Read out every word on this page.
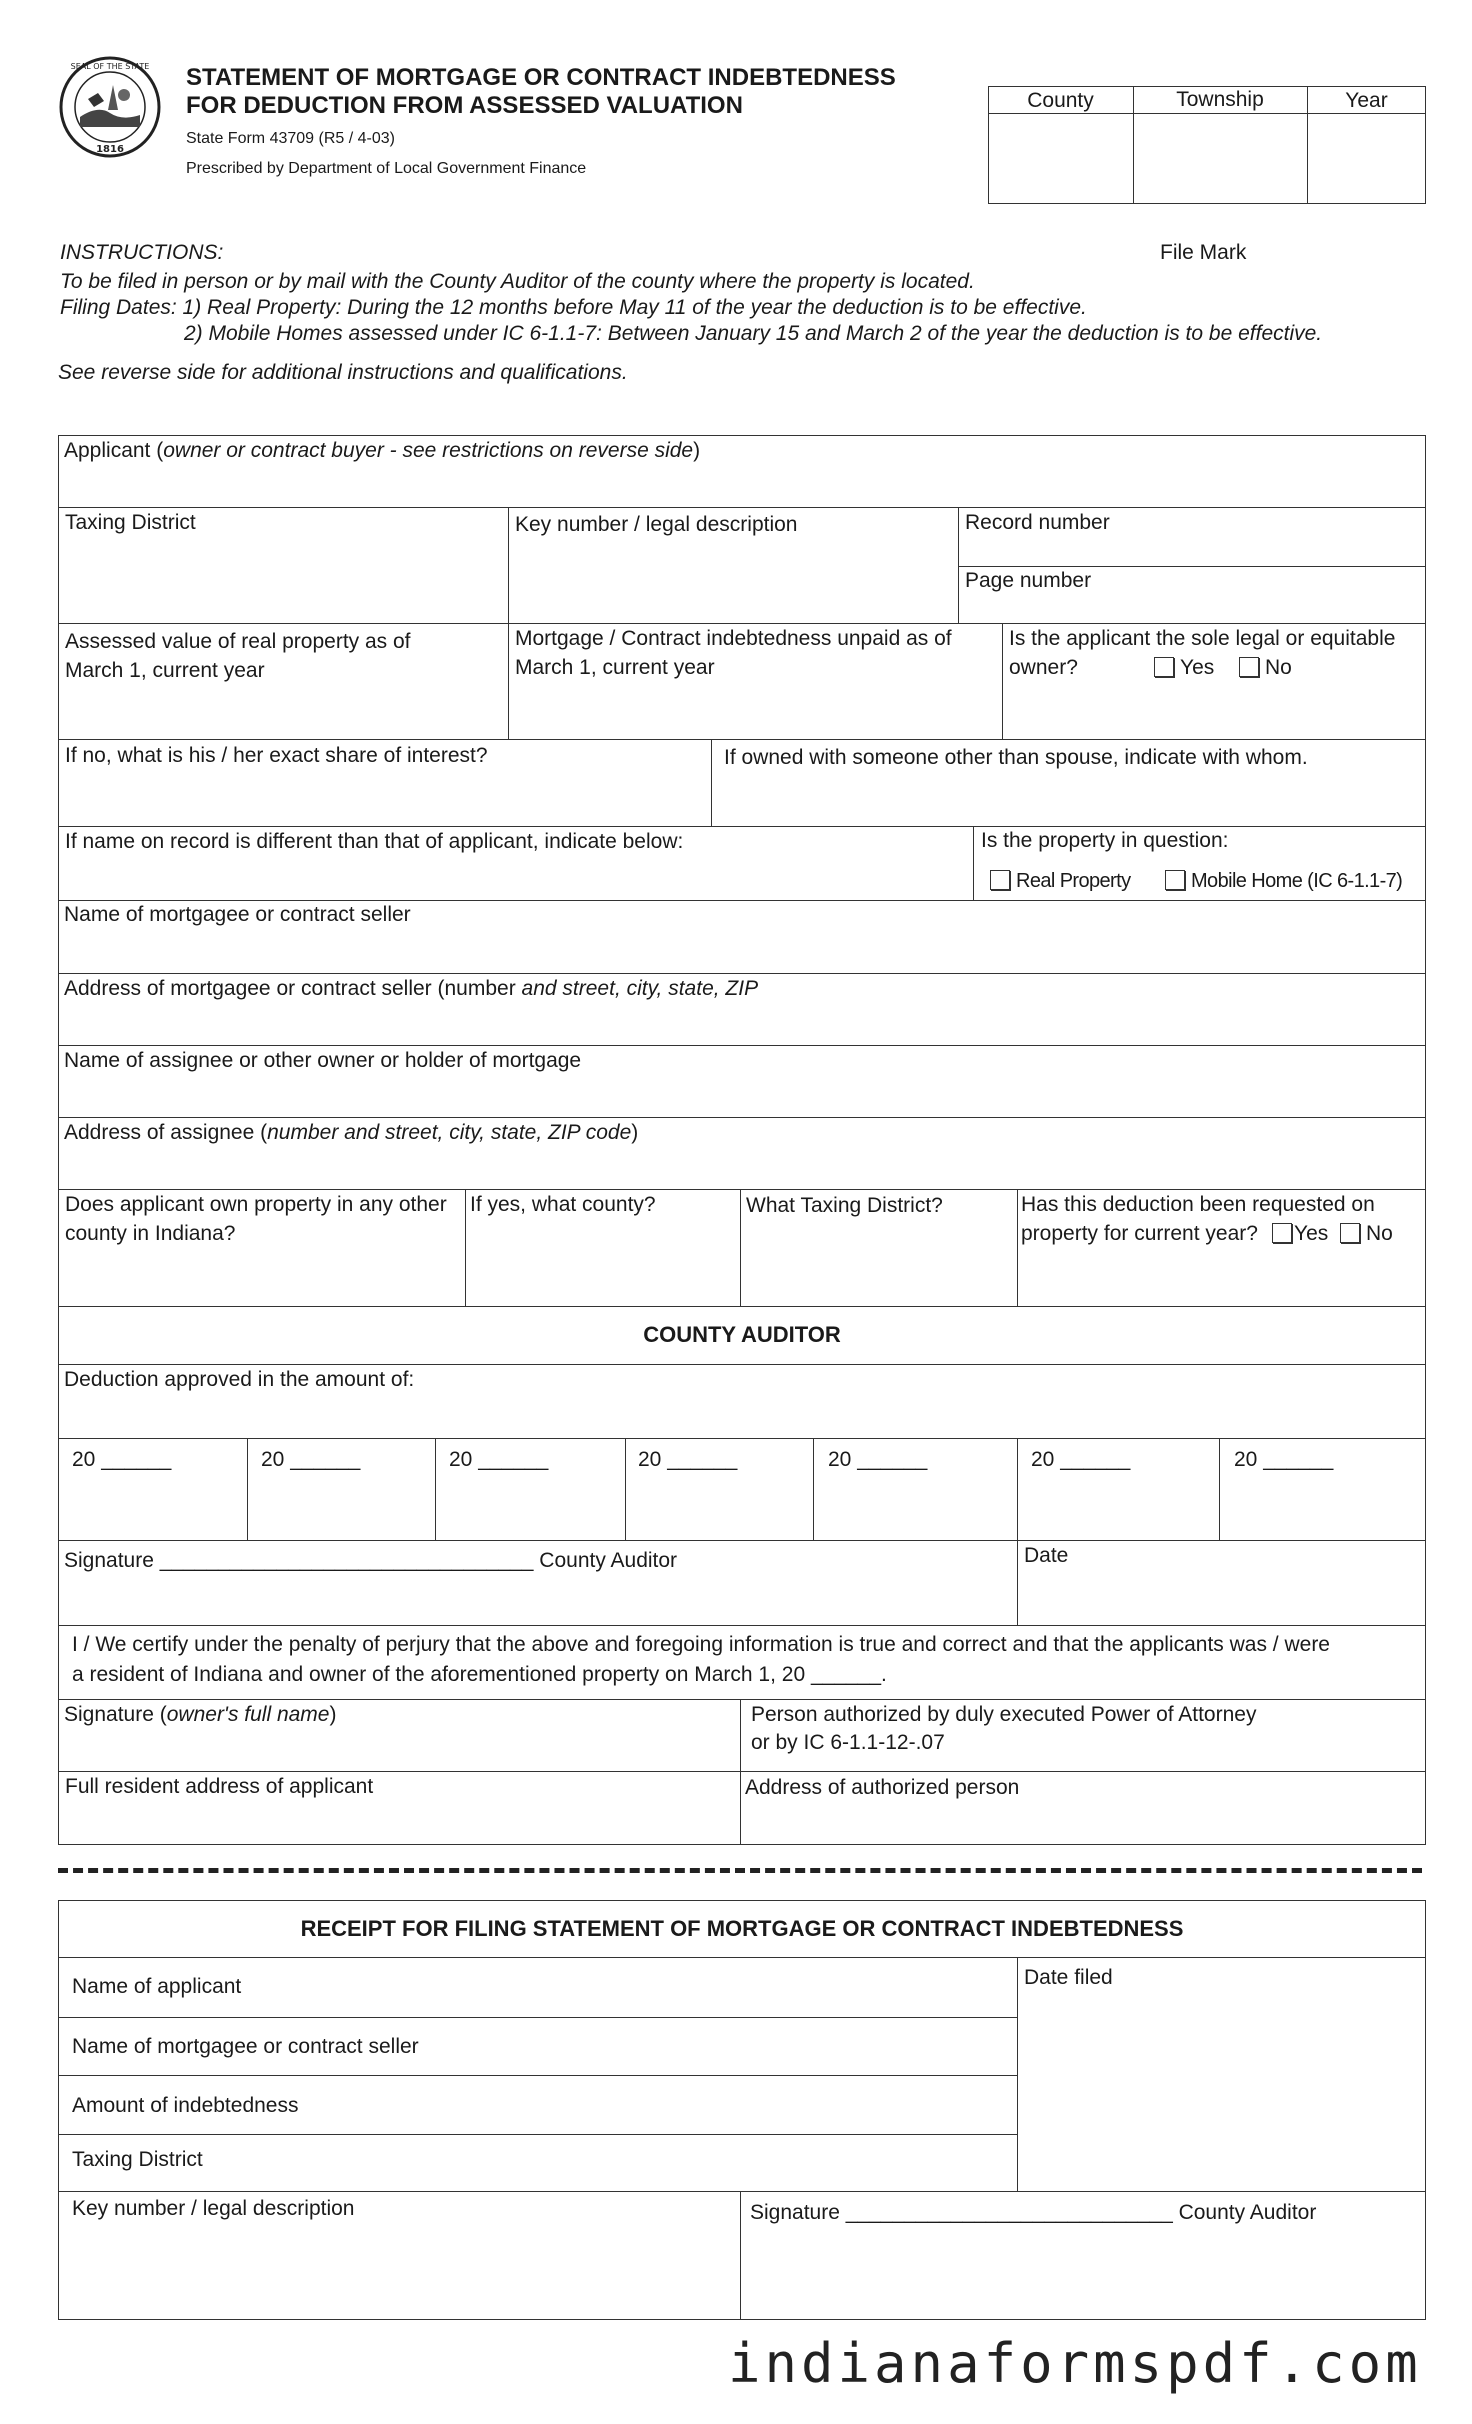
SEAL OF THE STATE
1816
STATEMENT OF MORTGAGE OR CONTRACT INDEBTEDNESS
FOR DEDUCTION FROM ASSESSED VALUATION
State Form 43709 (R5 / 4-03)
Prescribed by Department of Local Government Finance
County	Township	Year
INSTRUCTIONS:	File Mark
To be filed in person or by mail with the County Auditor of the county where the property is located.
Filing Dates: 1) Real Property: During the 12 months before May 11 of the year the deduction is to be effective.
2) Mobile Homes assessed under IC 6-1.1-7: Between January 15 and March 2 of the year the deduction is to be effective.
See reverse side for additional instructions and qualifications.
Applicant (owner or contract buyer - see restrictions on reverse side)
Taxing District	Key number / legal description	Record number
Page number
Assessed value of real property as of
March 1, current year
Mortgage / Contract indebtedness unpaid as of
March 1, current year
Is the applicant the sole legal or equitable
owner?	Yes	No
If no, what is his / her exact share of interest?	If owned with someone other than spouse, indicate with whom.
If name on record is different than that of applicant, indicate below:	Is the property in question:
Real Property	Mobile Home (IC 6-1.1-7)
Name of mortgagee or contract seller
Address of mortgagee or contract seller (number and street, city, state, ZIP
Name of assignee or other owner or holder of mortgage
Address of assignee (number and street, city, state, ZIP code)
Does applicant own property in any other
county in Indiana?
If yes, what county?	What Taxing District?	Has this deduction been requested on
property for current year?	Yes	No
COUNTY AUDITOR
Deduction approved in the amount of:
20 ______	20 ______	20 ______	20 ______	20 ______	20 ______	20 ______
Signature ________________________________ County Auditor	Date
I / We certify under the penalty of perjury that the above and foregoing information is true and correct and that the applicants was / were
a resident of Indiana and owner of the aforementioned property on March 1, 20 ______.
Signature (owner's full name)	Person authorized by duly executed Power of Attorney
or by IC 6-1.1-12-.07
Full resident address of applicant	Address of authorized person
RECEIPT FOR FILING STATEMENT OF MORTGAGE OR CONTRACT INDEBTEDNESS
Name of applicant
Name of mortgagee or contract seller
Amount of indebtedness
Taxing District
Date filed
Key number / legal description	Signature ____________________________ County Auditor
indianaformspdf.com
